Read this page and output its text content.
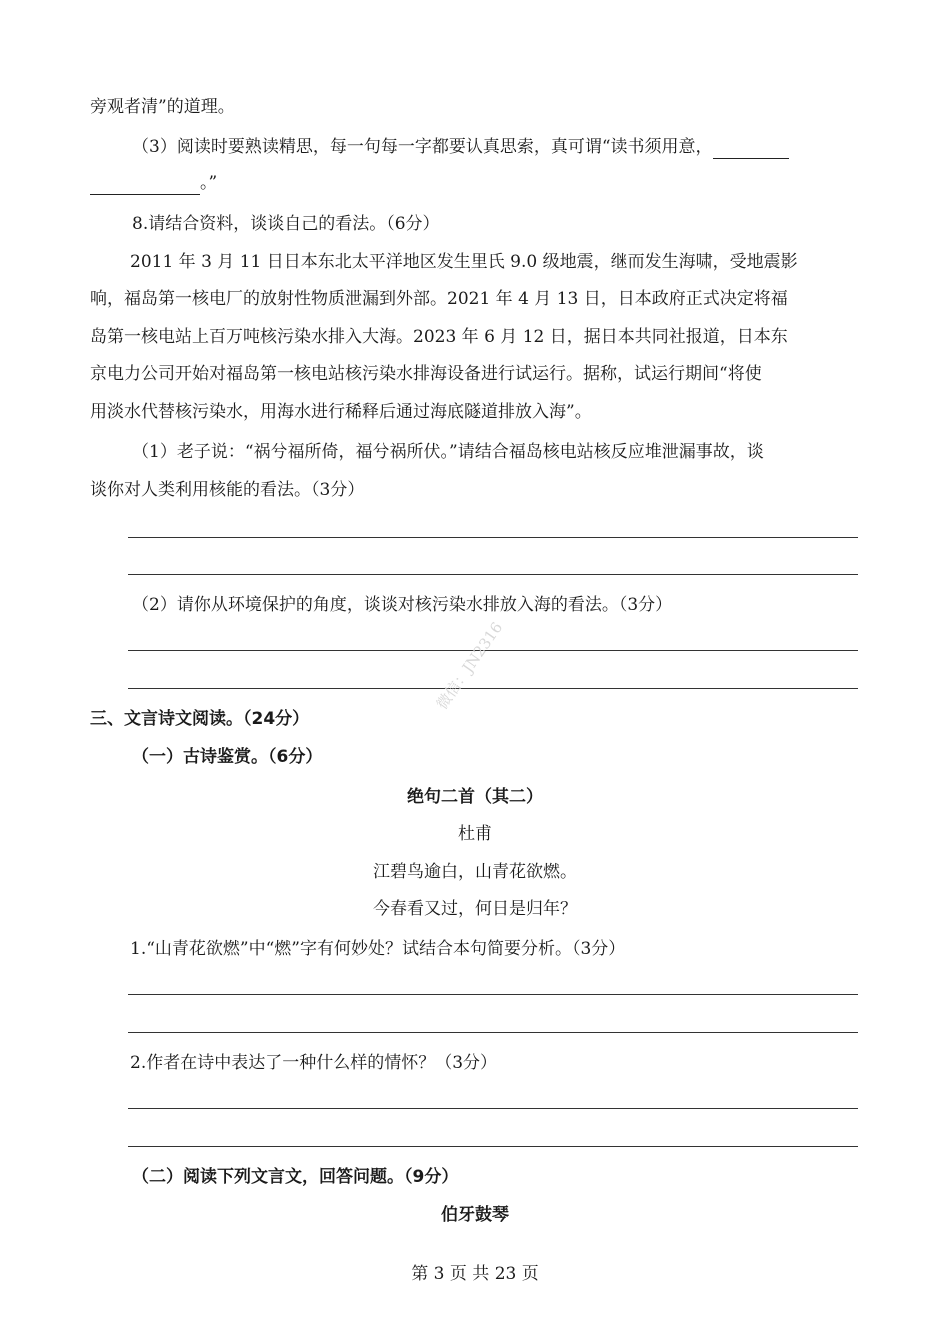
旁观者清”的道理。
（3）阅读时要熟读精思，每一句每一字都要认真思索，真可谓“读书须用意，
。”
8.请结合资料，谈谈自己的看法。（6分）
2011 年 3 月 11 日日本东北太平洋地区发生里氏 9.0 级地震，继而发生海啸，受地震影
响，福岛第一核电厂的放射性物质泄漏到外部。2021 年 4 月 13 日，日本政府正式决定将福
岛第一核电站上百万吨核污染水排入大海。2023 年 6 月 12 日，据日本共同社报道，日本东
京电力公司开始对福岛第一核电站核污染水排海设备进行试运行。据称，试运行期间“将使
用淡水代替核污染水，用海水进行稀释后通过海底隧道排放入海”。
（1）老子说：“祸兮福所倚，福兮祸所伏。”请结合福岛核电站核反应堆泄漏事故，谈
谈你对人类利用核能的看法。（3分）
（2）请你从环境保护的角度，谈谈对核污染水排放入海的看法。（3分）
微信：JN2316
三、文言诗文阅读。（24分）
（一）古诗鉴赏。（6分）
绝句二首（其二）
杜甫
江碧鸟逾白，山青花欲燃。
今春看又过，何日是归年？
1.“山青花欲燃”中“燃”字有何妙处？试结合本句简要分析。（3分）
2.作者在诗中表达了一种什么样的情怀？（3分）
（二）阅读下列文言文，回答问题。（9分）
伯牙鼓琴
第 3 页 共 23 页
